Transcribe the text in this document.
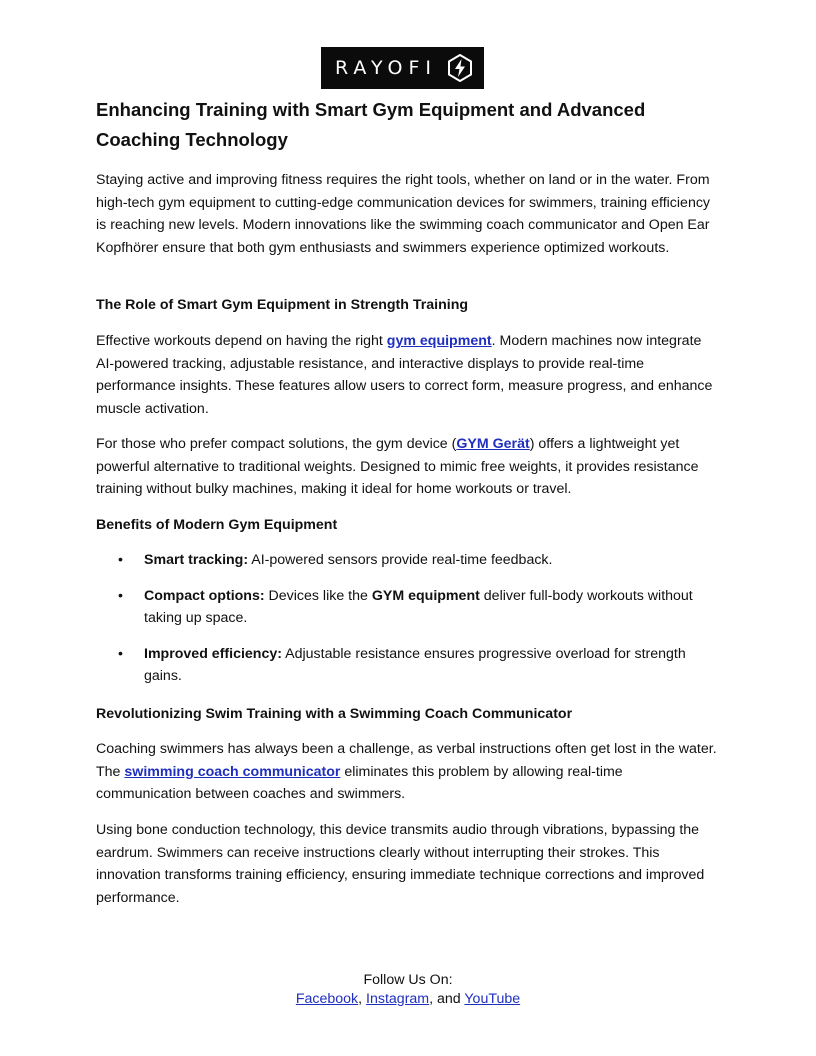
RAYOFI
Enhancing Training with Smart Gym Equipment and Advanced Coaching Technology

Staying active and improving fitness requires the right tools, whether on land or in the water. From high-tech gym equipment to cutting-edge communication devices for swimmers, training efficiency is reaching new levels. Modern innovations like the swimming coach communicator and Open Ear Kopfhörer ensure that both gym enthusiasts and swimmers experience optimized workouts.

The Role of Smart Gym Equipment in Strength Training

Effective workouts depend on having the right gym equipment. Modern machines now integrate AI-powered tracking, adjustable resistance, and interactive displays to provide real-time performance insights. These features allow users to correct form, measure progress, and enhance muscle activation.

For those who prefer compact solutions, the gym device (GYM Gerät) offers a lightweight yet powerful alternative to traditional weights. Designed to mimic free weights, it provides resistance training without bulky machines, making it ideal for home workouts or travel.

Benefits of Modern Gym Equipment

• Smart tracking: AI-powered sensors provide real-time feedback.
• Compact options: Devices like the GYM equipment deliver full-body workouts without taking up space.
• Improved efficiency: Adjustable resistance ensures progressive overload for strength gains.

Revolutionizing Swim Training with a Swimming Coach Communicator

Coaching swimmers has always been a challenge, as verbal instructions often get lost in the water. The swimming coach communicator eliminates this problem by allowing real-time communication between coaches and swimmers.

Using bone conduction technology, this device transmits audio through vibrations, bypassing the eardrum. Swimmers can receive instructions clearly without interrupting their strokes. This innovation transforms training efficiency, ensuring immediate technique corrections and improved performance.

Follow Us On:
Facebook, Instagram, and YouTube
